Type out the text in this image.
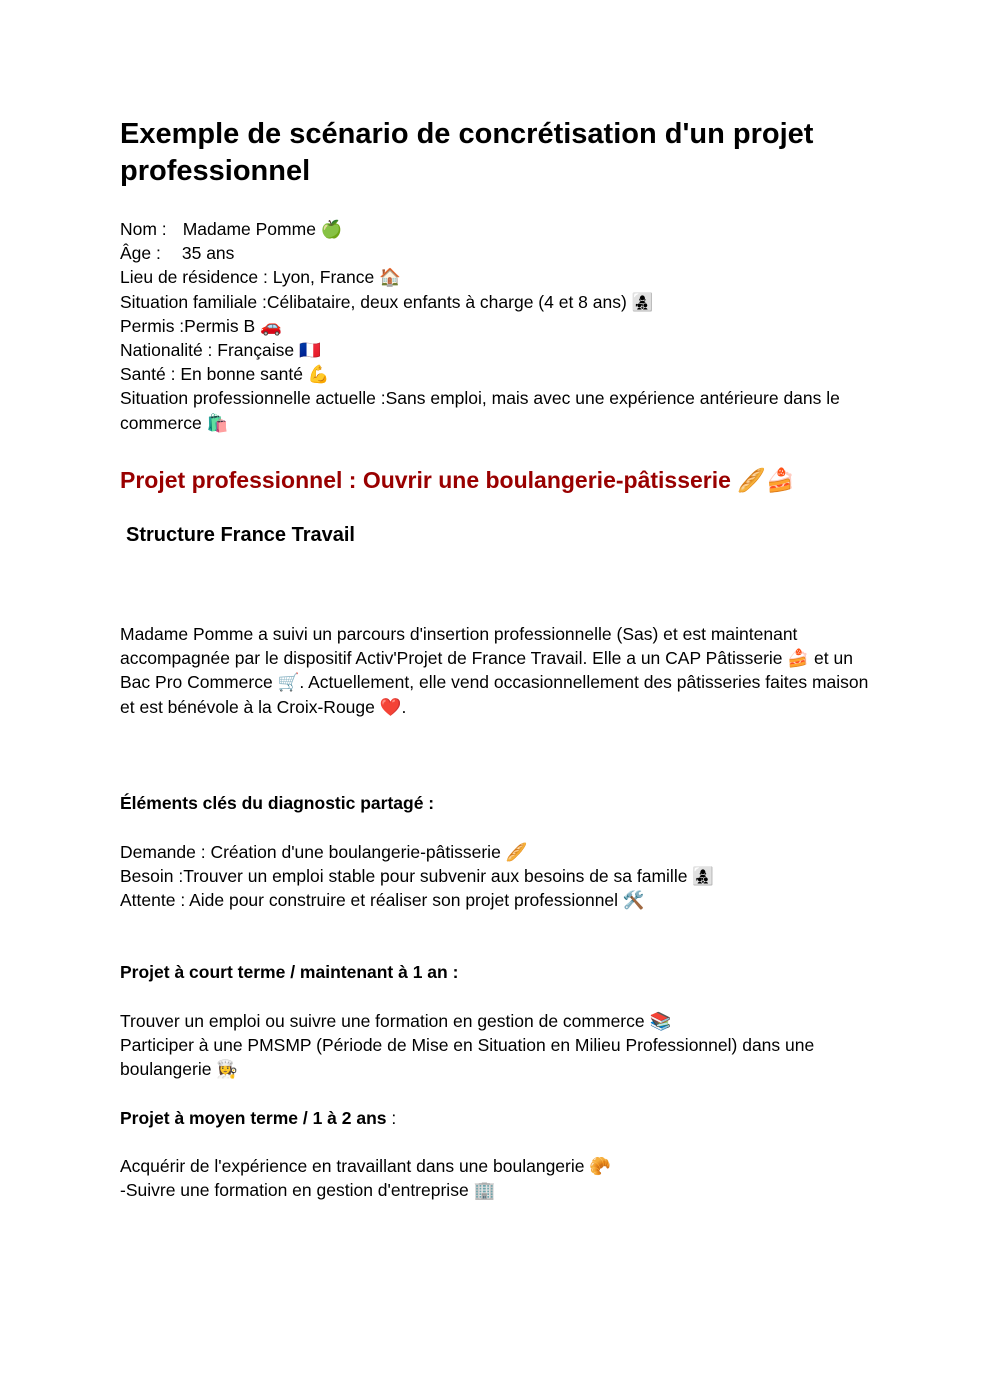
Exemple de scénario de concrétisation d'un projet professionnel
Nom : Madame Pomme 🍏
Âge : 35 ans
Lieu de résidence : Lyon, France 🏠
Situation familiale :Célibataire, deux enfants à charge (4 et 8 ans) 👩‍👧‍👦
Permis :Permis B 🚗
Nationalité : Française 🇫🇷
Santé : En bonne santé 💪
Situation professionnelle actuelle :Sans emploi, mais avec une expérience antérieure dans le commerce 🛍️
Projet professionnel : Ouvrir une boulangerie-pâtisserie 🥖🍰
Structure France Travail

Madame Pomme a suivi un parcours d'insertion professionnelle (Sas) et est maintenant accompagnée par le dispositif Activ'Projet de France Travail. Elle a un CAP Pâtisserie 🍰 et un Bac Pro Commerce 🛒. Actuellement, elle vend occasionnellement des pâtisseries faites maison et est bénévole à la Croix-Rouge ❤️.

Éléments clés du diagnostic partagé :
Demande : Création d'une boulangerie-pâtisserie 🥖
Besoin :Trouver un emploi stable pour subvenir aux besoins de sa famille 👩‍👧‍👦
Attente : Aide pour construire et réaliser son projet professionnel 🛠️
Projet à court terme / maintenant à 1 an :
Trouver un emploi ou suivre une formation en gestion de commerce 📚
Participer à une PMSMP (Période de Mise en Situation en Milieu Professionnel) dans une boulangerie 👩‍🍳
Projet à moyen terme / 1 à 2 ans :
Acquérir de l'expérience en travaillant dans une boulangerie 🥐
-Suivre une formation en gestion d'entreprise 🏢
